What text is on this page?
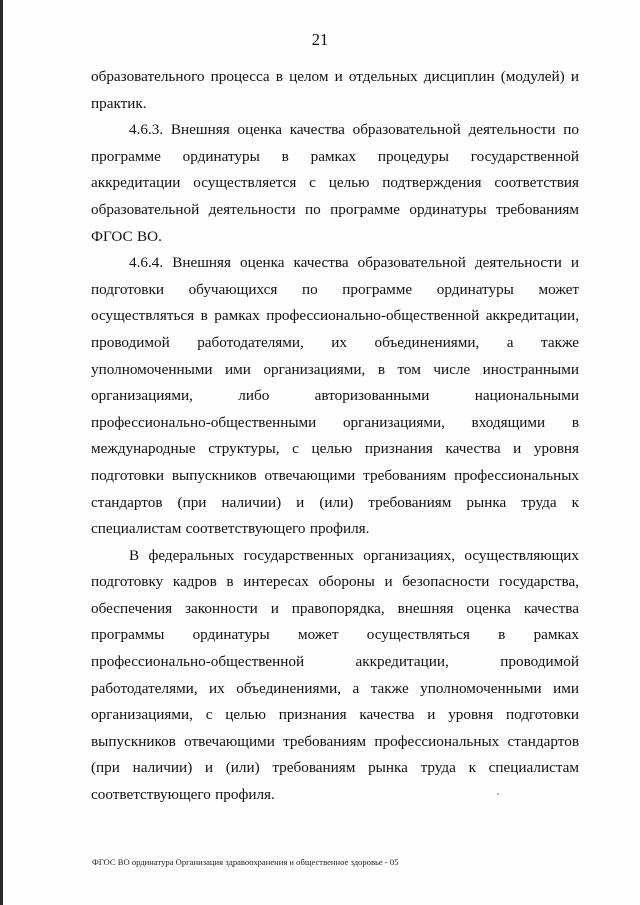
21

образовательного процесса в целом и отдельных дисциплин (модулей) и практик.

4.6.3. Внешняя оценка качества образовательной деятельности по программе ординатуры в рамках процедуры государственной аккредитации осуществляется с целью подтверждения соответствия образовательной деятельности по программе ординатуры требованиям ФГОС ВО.

4.6.4. Внешняя оценка качества образовательной деятельности и подготовки обучающихся по программе ординатуры может осуществляться в рамках профессионально-общественной аккредитации, проводимой работодателями, их объединениями, а также уполномоченными ими организациями, в том числе иностранными организациями, либо авторизованными национальными профессионально-общественными организациями, входящими в международные структуры, с целью признания качества и уровня подготовки выпускников отвечающими требованиям профессиональных стандартов (при наличии) и (или) требованиям рынка труда к специалистам соответствующего профиля.

В федеральных государственных организациях, осуществляющих подготовку кадров в интересах обороны и безопасности государства, обеспечения законности и правопорядка, внешняя оценка качества программы ординатуры может осуществляться в рамках профессионально-общественной аккредитации, проводимой работодателями, их объединениями, а также уполномоченными ими организациями, с целью признания качества и уровня подготовки выпускников отвечающими требованиям профессиональных стандартов (при наличии) и (или) требованиям рынка труда к специалистам соответствующего профиля.

ФГОС ВО ординатура Организация здравоохранения и общественное здоровье - 05
